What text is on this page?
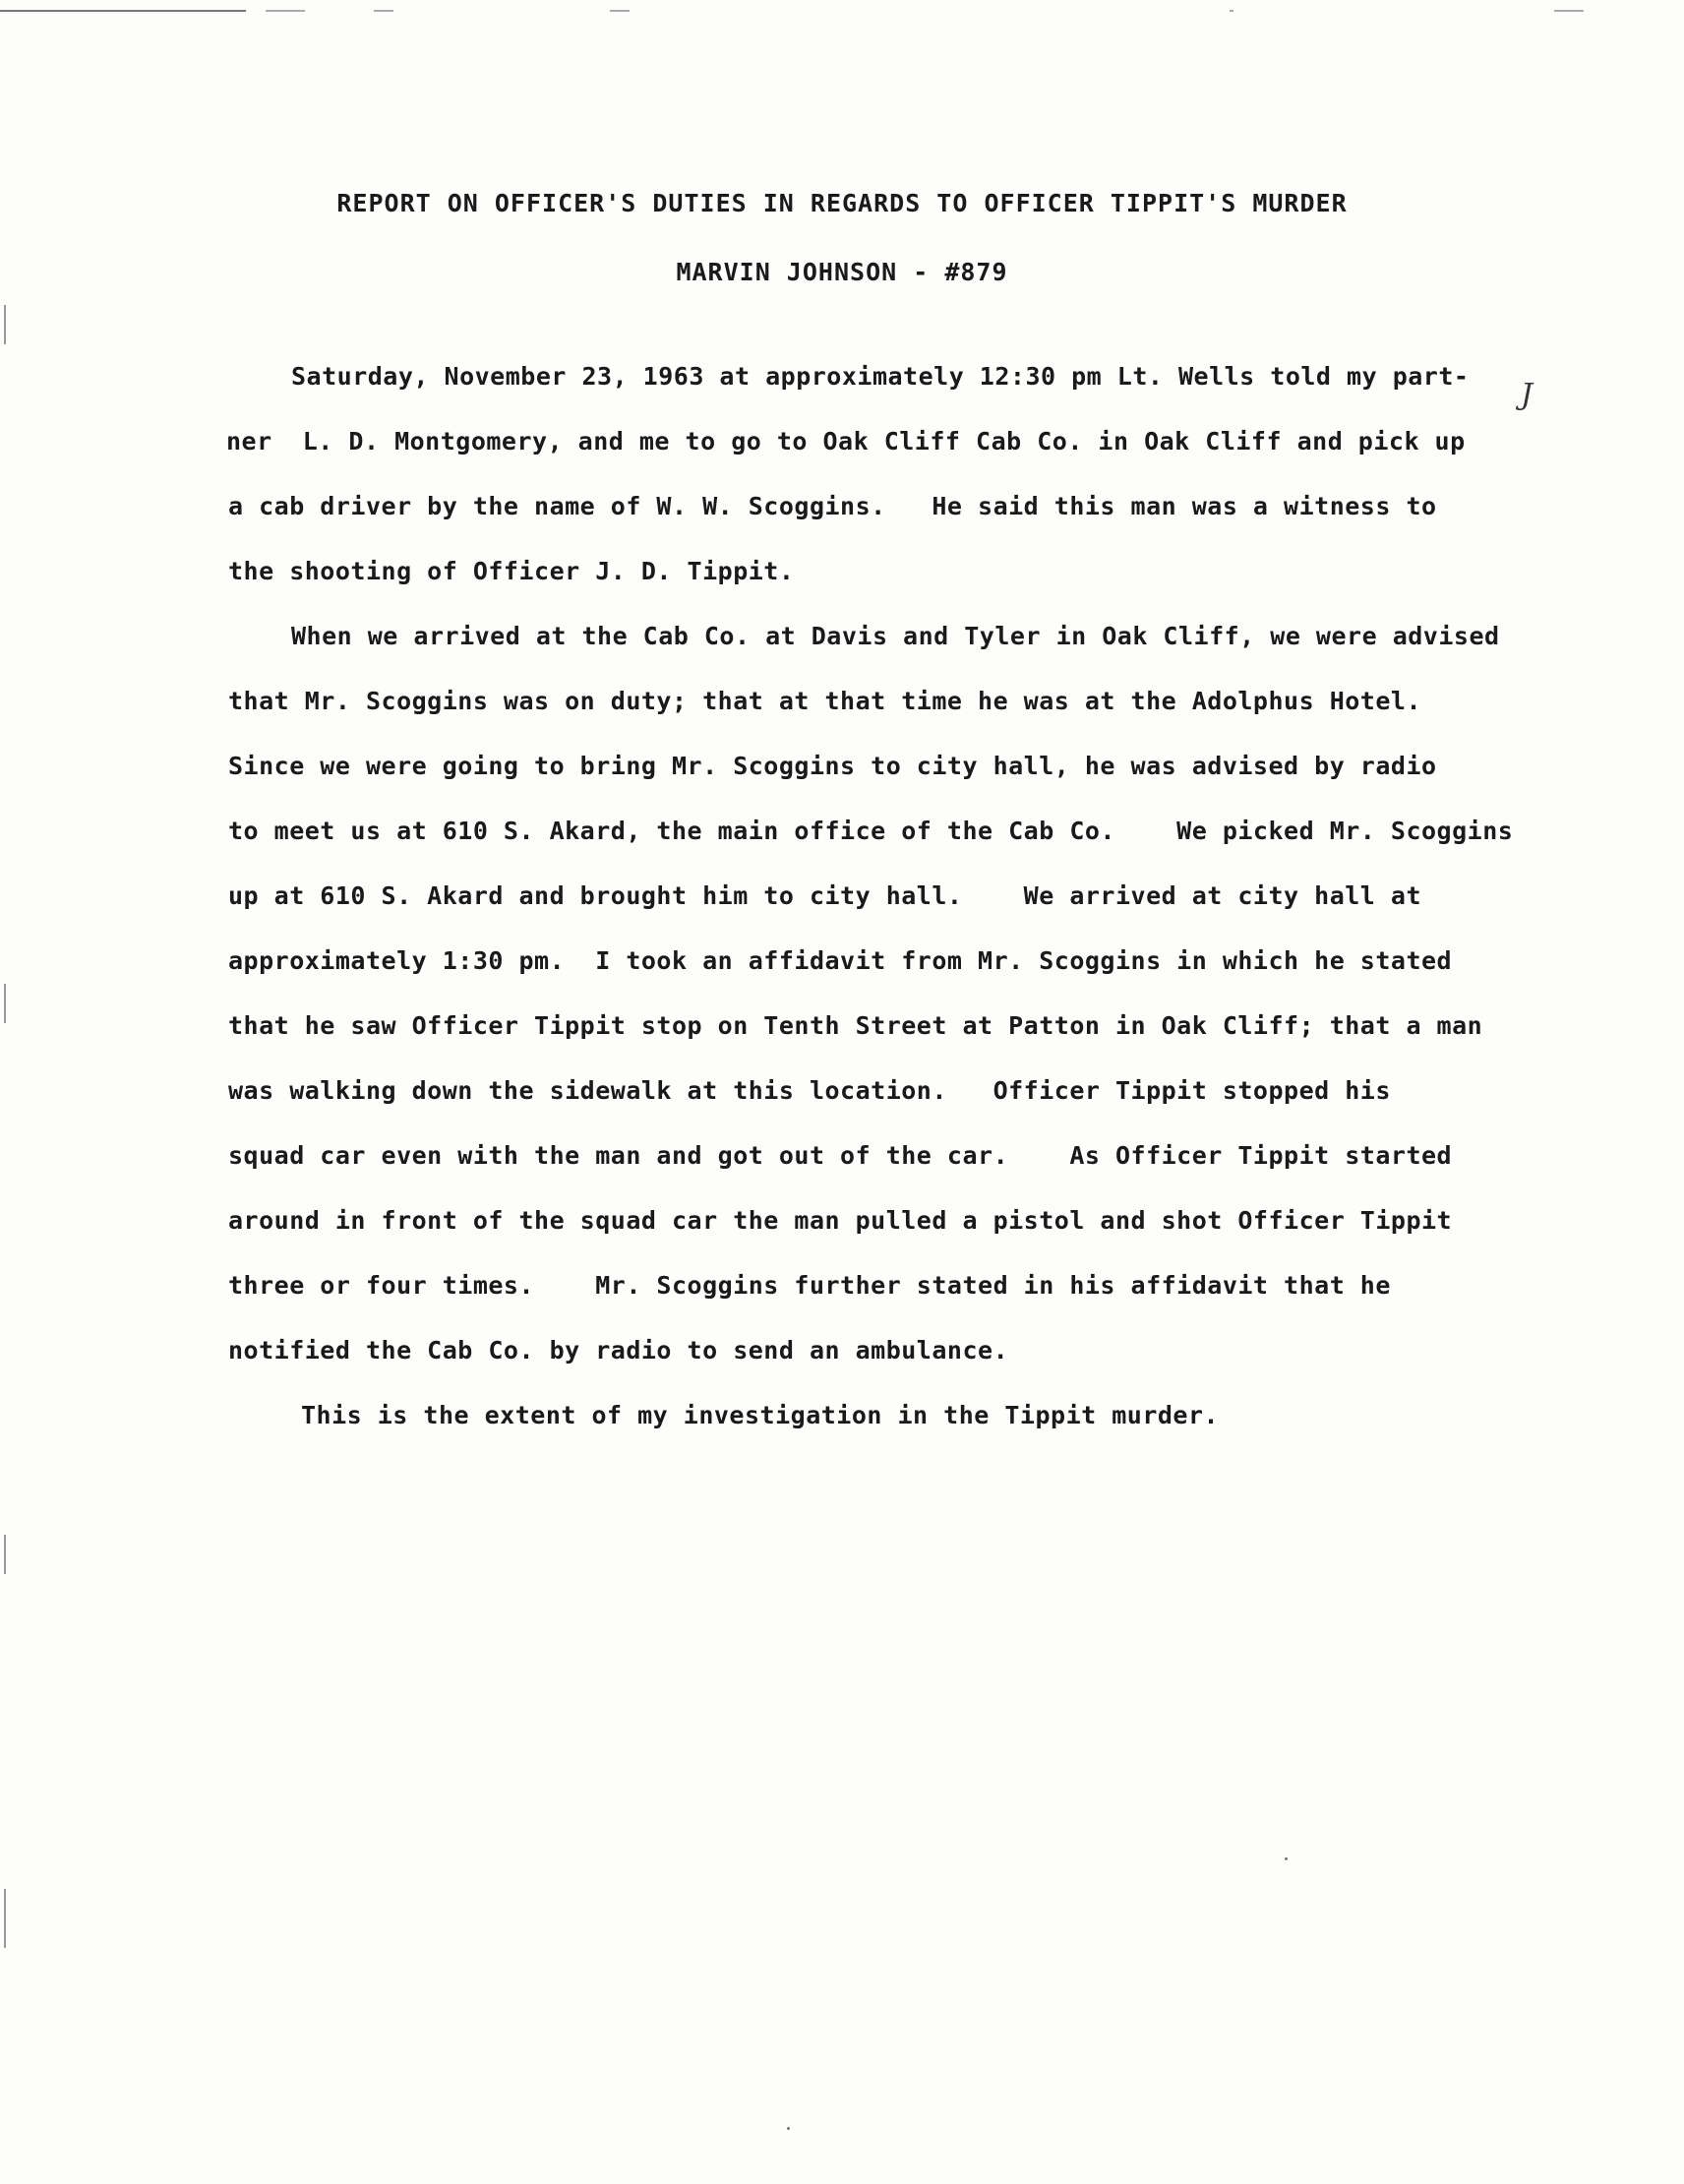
REPORT ON OFFICER'S DUTIES IN REGARDS TO OFFICER TIPPIT'S MURDER
MARVIN JOHNSON - #879
J
Saturday, November 23, 1963 at approximately 12:30 pm Lt. Wells told my part-
ner  L. D. Montgomery, and me to go to Oak Cliff Cab Co. in Oak Cliff and pick up
a cab driver by the name of W. W. Scoggins.   He said this man was a witness to
the shooting of Officer J. D. Tippit.
When we arrived at the Cab Co. at Davis and Tyler in Oak Cliff, we were advised
that Mr. Scoggins was on duty; that at that time he was at the Adolphus Hotel.
Since we were going to bring Mr. Scoggins to city hall, he was advised by radio
to meet us at 610 S. Akard, the main office of the Cab Co.    We picked Mr. Scoggins
up at 610 S. Akard and brought him to city hall.    We arrived at city hall at
approximately 1:30 pm.  I took an affidavit from Mr. Scoggins in which he stated
that he saw Officer Tippit stop on Tenth Street at Patton in Oak Cliff; that a man
was walking down the sidewalk at this location.   Officer Tippit stopped his
squad car even with the man and got out of the car.    As Officer Tippit started
around in front of the squad car the man pulled a pistol and shot Officer Tippit
three or four times.    Mr. Scoggins further stated in his affidavit that he
notified the Cab Co. by radio to send an ambulance.
This is the extent of my investigation in the Tippit murder.
